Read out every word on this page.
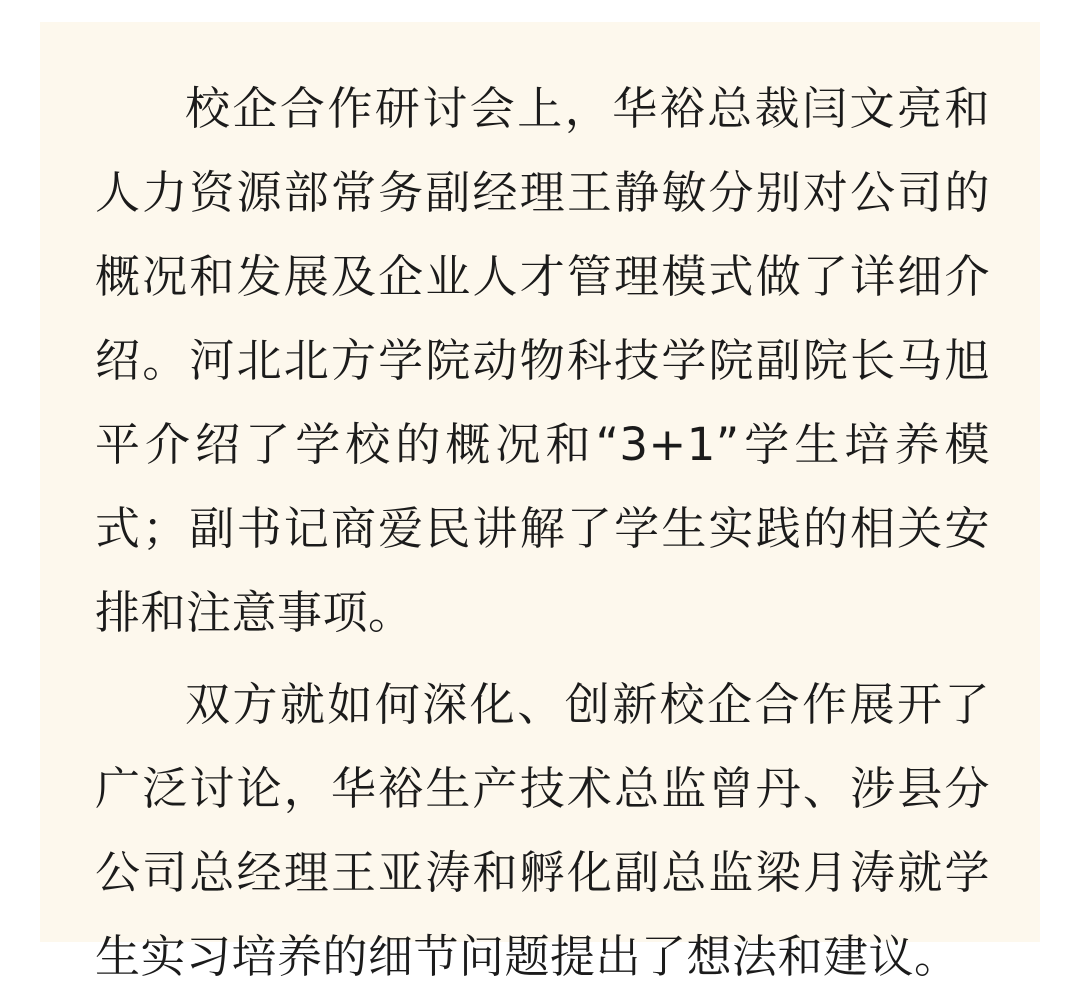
校企合作研讨会上，华裕总裁闫文亮和人力资源部常务副经理王静敏分别对公司的概况和发展及企业人才管理模式做了详细介绍。河北北方学院动物科技学院副院长马旭平介绍了学校的概况和“3+1”学生培养模式；副书记商爱民讲解了学生实践的相关安排和注意事项。

双方就如何深化、创新校企合作展开了广泛讨论，华裕生产技术总监曾丹、涉县分公司总经理王亚涛和孵化副总监梁月涛就学生实习培养的细节问题提出了想法和建议。
